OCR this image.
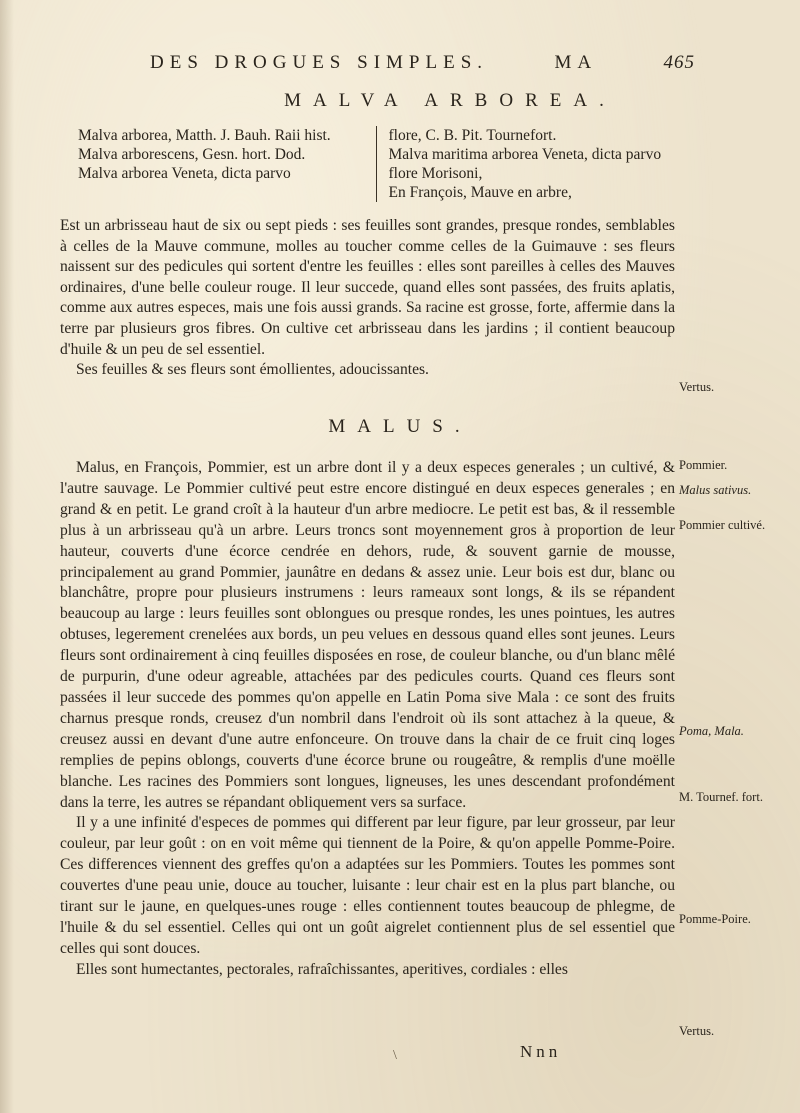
DES DROGUES SIMPLES.	MA	465
MALVA ARBOREA.

Malva arborea, Matth. J. Bauh. Raii hist.

Malva arborescens, Gesn. hort. Dod.

Malva arborea Veneta, dicta parvo

flore, C. B. Pit. Tournefort.

Malva maritima arborea Veneta, dicta parvo flore Morisoni,

En François, Mauve en arbre,

Est un arbrisseau haut de six ou sept pieds : ses feuilles sont grandes, presque rondes, semblables à celles de la Mauve commune, molles au toucher comme celles de la Guimauve : ses fleurs naissent sur des pedicules qui sortent d'entre les feuilles : elles sont pareilles à celles des Mauves ordinaires, d'une belle couleur rouge. Il leur succede, quand elles sont passées, des fruits aplatis, comme aux autres especes, mais une fois aussi grands. Sa racine est grosse, forte, affermie dans la terre par plusieurs gros fibres. On cultive cet arbrisseau dans les jardins ; il contient beaucoup d'huile & un peu de sel essentiel.

Ses feuilles & ses fleurs sont émollientes, adoucissantes.

Vertus.
MALUS.

Malus, en François, Pommier, est un arbre dont il y a deux especes generales ; un cultivé, & l'autre sauvage. Le Pommier cultivé peut estre encore distingué en deux especes generales ; en grand & en petit. Le grand croît à la hauteur d'un arbre mediocre. Le petit est bas, & il ressemble plus à un arbrisseau qu'à un arbre. Leurs troncs sont moyennement gros à proportion de leur hauteur, couverts d'une écorce cendrée en dehors, rude, & souvent garnie de mousse, principalement au grand Pommier, jaunâtre en dedans & assez unie. Leur bois est dur, blanc ou blanchâtre, propre pour plusieurs instrumens : leurs rameaux sont longs, & ils se répandent beaucoup au large : leurs feuilles sont oblongues ou presque rondes, les unes pointues, les autres obtuses, legerement crenelées aux bords, un peu velues en dessous quand elles sont jeunes. Leurs fleurs sont ordinairement à cinq feuilles disposées en rose, de couleur blanche, ou d'un blanc mêlé de purpurin, d'une odeur agreable, attachées par des pedicules courts. Quand ces fleurs sont passées il leur succede des pommes qu'on appelle en Latin Poma sive Mala : ce sont des fruits charnus presque ronds, creusez d'un nombril dans l'endroit où ils sont attachez à la queue, & creusez aussi en devant d'une autre enfonceure. On trouve dans la chair de ce fruit cinq loges remplies de pepins oblongs, couverts d'une écorce brune ou rougeâtre, & remplis d'une moëlle blanche. Les racines des Pommiers sont longues, ligneuses, les unes descendant profondément dans la terre, les autres se répandant obliquement vers sa surface.

Il y a une infinité d'especes de pommes qui different par leur figure, par leur grosseur, par leur couleur, par leur goût : on en voit même qui tiennent de la Poire, & qu'on appelle Pomme-Poire. Ces differences viennent des greffes qu'on a adaptées sur les Pommiers. Toutes les pommes sont couvertes d'une peau unie, douce au toucher, luisante : leur chair est en la plus part blanche, ou tirant sur le jaune, en quelques-unes rouge : elles contiennent toutes beaucoup de phlegme, de l'huile & du sel essentiel. Celles qui ont un goût aigrelet contiennent plus de sel essentiel que celles qui sont douces.

Elles sont humectantes, pectorales, rafraîchissantes, aperitives, cordiales : elles

Pommier.
Malus sativus.
Pommier cultivé.
Poma, Mala.
M. Tournef. fort.
Pomme-Poire.
Vertus.
\	Nnn
